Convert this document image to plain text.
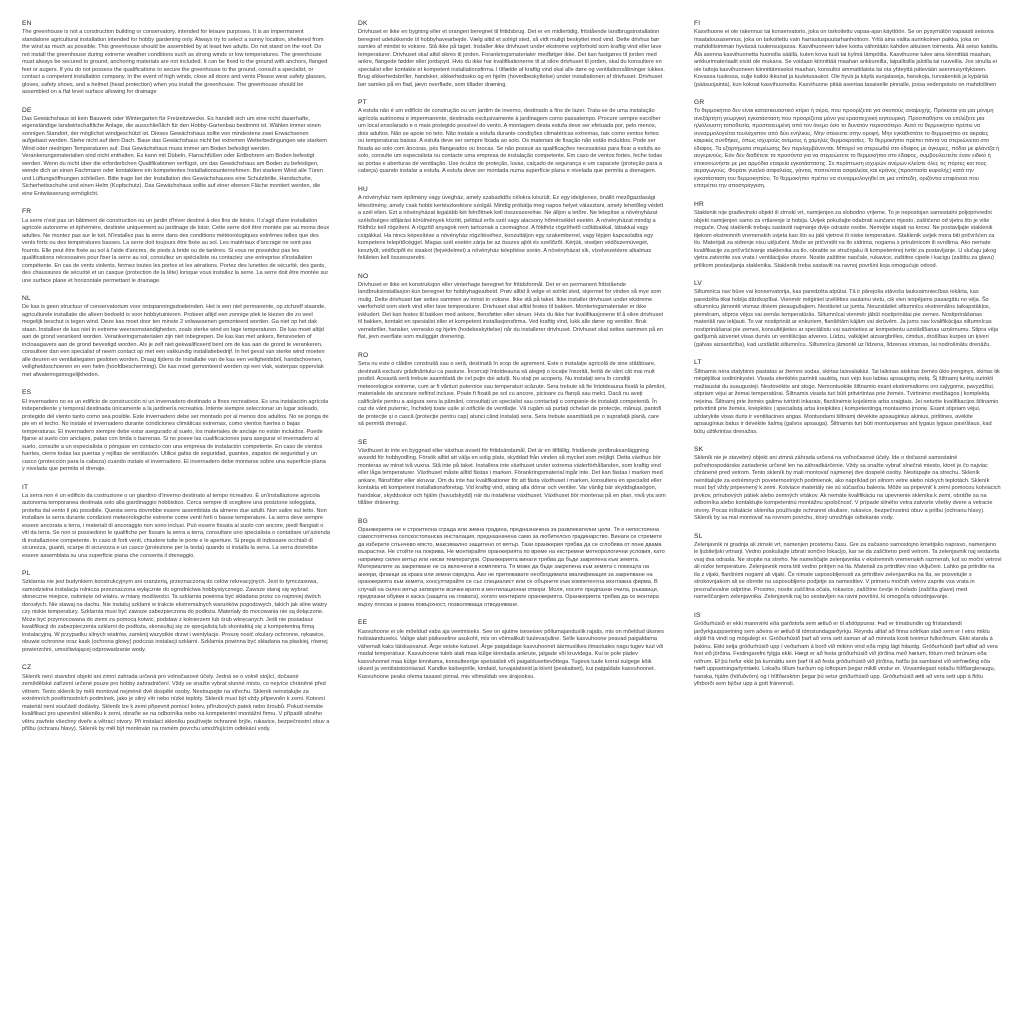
EN

The greenhouse is not a construction building or conservatory, intended for leisure purposes. It is an impermanent standalone agricultural installation intended for hobby gardening only. Always try to select a sunny location, sheltered from the wind as much as possible. This greenhouse should be assembled by at least two adults. Do not stand on the roof. Do not install the greenhouse during extreme weather conditions such as strong winds or low temperatures. The greenhouse must always be secured to ground, anchoring materials are not included. It can be fixed to the ground with anchors, flanged feet or augers. If you do not possess the qualifications to secure the greenhouse to the ground, consult a specialist, or contact a competent installation company. In the event of high winds, close all doors and vents Please wear safety glasses, gloves, safety shoes, and a helmet (head protection) when you install the greenhouse. The greenhouse should be assembled on a flat level surface allowing for drainage

DE

Das Gewächshaus ist kein Bauwerk oder Wintergarten für Freizeitzwecke. Es handelt sich um eine nicht dauerhafte, eigenständige landwirtschaftliche Anlage, die ausschließlich für den Hobby-Gartenbau bestimmt ist. Wählen immer einen sonnigen Standort, der möglichst windgeschützt ist. Dieses Gewächshaus sollte von mindestens zwei Erwachsenen aufgebaut werden. Stehe nicht auf dem Dach. Baue das Gewächshaus nicht bei extremen Wetterbedingungen wie starkem Wind oder niedrigen Temperaturen auf. Das Gewächshaus muss immer am Boden befestigt werden. Verankerungsmaterialien sind nicht enthalten. Es kann mit Dübeln, Flanschfüßen oder Erdbohrern am Boden befestigt werden. Wenn du nicht über die erforderlichen Qualifikationen verfügst, um das Gewächshaus am Boden zu befestigen, wende dich an einen Fachmann oder kontaktiere ein kompetentes Installationsunternehmen. Bei starkem Wind alle Türen und Lüftungsöffnungen schließen. Bitte trage bei der Installation des Gewächshauses eine Schutzbrille, Handschuhe, Sicherheitsschuhe und einen Helm (Kopfschutz). Das Gewächshaus sollte auf einer ebenen Fläche montiert werden, die eine Entwässerung ermöglicht.

FR

La serre n'est pas un bâtiment de construction ou un jardin d'hiver destiné à des fins de loisirs. Il s'agit d'une installation agricole autonome et éphémère, destinée uniquement au jardinage de loisir. Cette serre doit être montée par au moins deux adultes. Ne montez pas sur le toit. N'installez pas la serre dans des conditions météorologiques extrêmes telles que des vents forts ou des températures basses. La serre doit toujours être fixée au sol. Les matériaux d'ancrage ne sont pas fournis. Elle peut être fixée au sol à l'aide d'ancres, de pieds à bride ou de tarières. Si vous ne possédez pas les qualifications nécessaires pour fixer la serre au sol, consultez un spécialiste ou contactez une entreprise d'installation compétente. En cas de vents violents, fermez toutes les portes et les aérations. Portez des lunettes de sécurité, des gants, des chaussures de sécurité et un casque (protection de la tête) lorsque vous installez la serre. La serre doit être montée sur une surface plane et horizontale permettant le drainage.

NL

De kas is geen structuur of conservatorium voor ontspanningsdoeleinden. Het is een niet permanente, op zichzelf staande, agriculturele installatie die alleen bedoeld is voor hobbytuinieren. Probeer altijd een zonnige plek te kiezen die zo veel mogelijk beschut is tegen wind. Deze kas moet door ten minste 2 volwassenen gemonteerd worden. Ga niet op het dak staan. Installeer de kas niet in extreme weersomstandigheden, zoals sterke wind en lage temperaturen. De kas moet altijd aan de grond verankerd worden. Verankeringsmaterialen zijn niet inbegrepen. De kas kan met ankers, flensvoeten of incloaagavers aan de grond bevestigd worden. Als je zelf niet gekwalificeerd bent om de kas aan de grond te verankeren, consulteer dan een specialist of neem contact op met een vakkundig installatiebedrijf. In het geval van sterke wind moeten alle deuren en ventilatiegaten gesloten worden. Draag tijdens de installatie van de kas een veiligheidsbril, handschoenen, veiligheidsschoenen en een helm (hoofdbescherming). De kas moet gemonteerd worden op een vlak, waterpas oppervlak met afwateringsmogelijkheden.

ES

El invernadero no es un edificio de construcción ni un invernadero destinado a fines recreativos. Es una instalación agrícola independiente y temporal destinada únicamente a la jardinería recreativa. Intente siempre seleccionar un lugar soleado, protegido del viento tanto como sea posible. Este invernadero debe ser montado por al menos dos adultos. No se ponga de pie en el techo. No instale el invernadero durante condiciones climáticas extremas, como vientos fuertes o bajas temperaturas. El invernadero siempre debe estar asegurado al suelo, los materiales de anclaje no están incluidos. Puede fijarse al suelo con anclajes, patas con brida o barrenas. Si no posee las cualificaciones para asegurar el invernadero al suelo, consulte a un especialista o póngase en contacto con una empresa de instalación competente. En caso de vientos fuertes, cierre todas las puertas y rejillas de ventilación. Utilice gafas de seguridad, guantes, zapatos de seguridad y un casco (protección para la cabeza) cuando instale el invernadero. El invernadero debe montarse sobre una superficie plana y nivelada que permita el drenaje.

IT

La serra non è un edificio da costruzione o un giardino d'inverno destinato al tempo ricreativo. È un'installazione agricola autonoma temporanea destinata solo alla giardinaggio hobbistico. Cerca sempre di scegliere una posizione soleggiata, protetta dal vento il più possibile. Questa serra dovrebbe essere assemblata da almeno due adulti. Non salire sul tetto. Non installare la serra durante condizioni meteorologiche estreme come venti forti o basse temperature. La serra deve sempre essere ancorata a terra, i materiali di ancoraggio non sono inclusi. Può essere fissata al suolo con ancore, piedi flangiati o viti da terra. Se non si possiedono le qualifiche per fissare la serra a terra, consultare uno specialista o contattare un'azienda di installazione competente. In caso di forti venti, chiudere tutte le porte e le aperture. Si prega di indossare occhiali di sicurezza, guanti, scarpe di sicurezza e un casco (protezione per la testa) quando si installa la serra. La serra dovrebbe essere assemblata su una superficie piana che consenta il drenaggio.

PL

Szklarnia nie jest budynkiem konstrukcyjnym ani oranżerią, przeznaczoną do celów rekreacyjnych. Jest to tymczasowa, samodzielna instalacja rolnicza przeznaczona wyłącznie do ogrodnictwa hobbystycznego. Zawsze staraj się wybrać słoneczne miejsce, osłonięte od wiatru, w miarę możliwości. Ta szklarnia powinna być składana przez co najmniej dwóch dorosłych. Nie stawaj na dachu. Nie instaluj szklarni w trakcie ekstremalnych warunków pogodowych, takich jak silne wiatry czy niskie temperatury. Szklarnia musi być zawsze zabezpieczona do podłoża. Materiały do mocowania nie są dołączone. Może być przymocowana do ziemi za pomocą kotwic, podstaw z kołnierzem lub śrub wkręcanych. Jeśli nie posiadasz kwalifikacji do zabezpieczenia szklarni do podłoża, skonsultuj się ze specjalistą lub skontaktuj się z kompetentną firmą instalacyjną. W przypadku silnych wiatrów, zamknij wszystkie drzwi i wentylacje. Proszę nosić okulary ochronne, rękawice, obuwie ochronne oraz kask (ochrona głowy) podczas instalacji szklarni. Szklarnia powinna być składana na płaskiej, równej powierzchni, umożliwiającej odprowadzanie wody.

CZ

Skleník není stavební objekt ani zimní zahrada určená pro volnočasové účely. Jedná se o volně stojící, dočasné zemědělské zařízení určené pouze pro hobby zahradničení. Vždy se snažte vybrat slunné místo, co nejvíce chráněné před větrem. Tento skleník by měli montovat nejméně dvě dospělé osoby. Nestoupejte na střechu. Skleník neinstalujte za extrémních povětrnostních podmínek, jako je silný vítr nebo nízké teploty. Skleník musí být vždy připevněn k zemi. Kotevní materiál není součástí dodávky. Skleník lze k zemi připevnit pomocí kotev, přírubových patek nebo šroubů. Pokud nemáte kvalifikaci pro upevnění skleníku k zemi, obraťte se na odborníka nebo na kompetentní montážní firmu. V případě silného větru zavřete všechny dveře a větrací otvory. Při instalaci skleníku používejte ochranné brýle, rukavice, bezpečnostní obuv a přilbu (ochranu hlavy). Skleník by měl být montován na rovném povrchu umožňujícím odtékání vody.

DK

Drivhuset er ikke en bygning eller et orangeri beregnet til fritidsbrug. Det er en midlertidig, fritstående landbrugsinstallation beregnet udelukkende til hobbyhavearbejde. Vælg altid et solrigt sted, så vidt muligt beskyttet mod vind. Dette drivhus bør samles af mindst to voksne. Stå ikke på taget. Installer ikke drivhuset under ekstreme vejrforhold som kraftig vind eller lave temperaturer. Drivhuset skal altid sikres til jorden. Forankringsmaterialer medfølger ikke. Det kan fastgøres til jorden med ankre, flangede fødder eller jordspyd. Hvis du ikke har kvalifikationerne til at sikre drivhuset til jorden, skal du konsultere en specialist eller kontakte et kompetent installationsfirma. I tilfælde af kraftig vind skal alle døre og ventilationsåbninger lukkes. Brug sikkerhedsbriller, handsker, sikkerhedssko og en hjelm (hovedbeskyttelse) under installationen af drivhuset. Drivhuset bør samles på en flad, jævn overflade, som tillader dræning.

PT

A estufa não é um edifício de construção ou um jardim de inverno, destinado a fins de lazer. Trata-se de uma instalação agrícola autónoma e impermanente, destinada exclusivamente à jardinagem como passatempo. Procure sempre escolher um local ensolarado e o mais protegido possível do vento. A montagem desta estufa deve ser efetuada por, pelo menos, dois adultos. Não se apoie no teto. Não instale a estufa durante condições climatéricas extremas, tais como ventos fortes ou temperaturas baixas. A estufa deve ser sempre fixada ao solo. Os materiais de fixação não estão incluídos. Pode ser fixada ao solo com âncoras, pés flangeados ou brocas. Se não possuir as qualificações necessárias para fixar a estufa ao solo, consulte um especialista ou contacte uma empresa de instalação competente. Em caso de ventos fortes, feche todas as portas e aberturas de ventilação. Use óculos de proteção, luvas, calçado de segurança e um capacete (proteção para a cabeça) quando instalar a estufa. A estufa deve ser montada numa superfície plana e nivelada que permita a drenagem.

HU

A növényház nem építmény vagy üvegház, amely szabadidős célokra készült. Ez egy ideiglenes, önálló mezőgazdasági létesítmény, amely csak hobbi kertészkedésre szolgál. Mindig próbálja meg napos helyet választani, amely lehetőleg védett a szél ellen. Ezt a növényházat legalább két felnőttnek kell összeszerelnie. Ne álljon a tetőre. Ne telepítse a növényházat szélsőséges időjárási körülmények között, például erős szél vagy alacsony hőmérséklet esetén. A növényházat mindig a földhöz kell rögzíteni. A rögzítő anyagok nem tartoznak a csomaghoz. A földhöz rögzíthető csőlábakkal, lábakkal vagy csigákkal. Ha nincs képesítése a növényház rögzítéséhez, konzultáljon egy szakemberrel, vagy lépjen kapcsolatba egy kompetens telepítőcéggel. Magas szél esetén zárja be az összes ajtót és szellőzőt. Kérjük, viseljen védőszemüveget, kesztyűt, védőcipőt és sisakot (fejvédelmet) a növényház telepítése során. A növényházat sík, vízelvezetésre alkalmas felületen kell összeszerelni.

NO

Drivhuset er ikke en konstruksjon eller vinterhage beregnet for fritidsformål. Det er en permanent frittstående landbruksinstallasjon kun beregnet for hobbyhagearbeid. Prøv alltid å velge et solrikt sted, skjermet for vinden så mye som mulig. Dette drivhuset bør settes sammen av minst to voksne. Ikke stå på taket. Ikke installer drivhuset under ekstreme værforhold som sterk vind eller lave temperaturer. Drivhuset skal alltid festes til bakken. Monteringsmaterialer er ikke inkludert. Det kan festes til bakken med ankere, flensføtter eller skruer. Hvis du ikke har kvalifikasjonene til å sikre drivhuset til bakken, kontakt en spesialist eller et kompetent installasjonsfirma. Ved kraftig vind, lukk alle dører og ventiler. Bruk vernebriller, hansker, vernesko og hjelm (hodebeskyttelse) når du installerer drivhuset. Drivhuset skal settes sammen på en flat, jevn overflate som muliggjør drenering.

RO

Sera nu este o clădire construită sau o seră, destinată în scop de agrement. Este o instalație agricolă de sine stătătoare, destinată exclusiv grădinăritului ca pasiune. Încercați întotdeauna să alegeți o locație însorită, ferită de vânt cât mai mult posibil. Această seră trebuie asamblată de cel puțin doi adulți. Nu stați pe acoperiș. Nu instalați sera în condiții meteorologice extreme, cum ar fi vânturi puternice sau temperaturi scăzute. Sera trebuie să fie întotdeauna fixată la pământ, materialele de ancorare nefiind incluse. Poate fi fixată pe sol cu ancore, picioare cu flanșă sau melci. Dacă nu aveți calificările pentru a asigura sera la pământ, consultați un specialist sau contactați o companie de instalații competentă. În caz de vânt puternic, închideți toate ușile și orificiile de ventilație. Vă rugăm să purtați ochelari de protecție, mănuși, pantofi de protecție și o cască (protecție pentru cap) atunci când instalați sera. Sera trebuie asamblată pe o suprafață plană, care să permită drenajul.

SE

Växthuset är inte en byggnad eller växthus avsett för fritidsändamål. Det är en tillfällig, fristående jordbruksanläggning avsedd för hobbyodling. Försök alltid att välja en solig plats, skyddad från vinden så mycket som möjligt. Detta växthus bör monteras av minst två vuxna. Stå inte på taket. Installera inte växthuset under extrema väderförhållanden, som kraftig vind eller låga temperaturer. Växthuset måste alltid fästas i marken. Förankringsmaterial ingår inte. Det kan fästas i marken med ankare, flänsfötter eller skruvar. Om du inte har kvalifikationer för att fästa växthuset i marken, konsultera en specialist eller kontakta ett kompetent installationsföretag. Vid kraftig vind, stäng alla dörrar och ventiler. Var vänlig bär skyddsglasögon, handskar, skyddsskor och hjälm (huvudskydd) när du installerar växthuset. Växthuset bör monteras på en plan, nivå yta som tillåter dränering.

BG

Оранжерията не е строителна сграда или зимна градина, предназначена за развлекателни цели. Тя е непостоянна самостоятелна селскостопанска инсталация, предназначена само за любителско градинарство. Винаги се стремете да изберете слънчево място, максимално защитено от вятър. Тази оранжерия трябва да се сглобява от поне двама възрастни. Не стойте на покрива. Не монтирайте оранжерията по време на екстремни метеорологични условия, като например силен вятър или ниски температури. Оранжерията винаги трябва да бъде закрепена към земята. Материалите за закрепване не са включени в комплекта. Тя може да бъде закрепена към земята с помощта на анкери, фланци за крака или земни свредла. Ако не притежавате необходимата квалификация за закрепване на оранжерията към земята, консултирайте се със специалист или се обърнете към компетентна монтажна фирма. В случай на силен вятър затворете всички врати и вентилационни отвори. Моля, носете предпазни очила, ръкавици, предпазни обувки и каска (защита на главата), когато монтирате оранжерията. Оранжерията трябва да се монтира върху плоска и равна повърхност, позволяваща отводняване.

EE

Kasvuhoone ei ole mõeldud vaba aja veetmiseks. See on ajutine iseseisev põllumajanduslik rajatis, mis on mõeldud üksnes hobiaianduseks. Valige alati päikeseline asukoht, mis on võimalikult tuulevarjuline. Selle kasvuhoone peavad paigaldama vähemalt kaks täiskasvanut. Ärge seiske katusel. Ärge paigaldage kasvuhoonet äärmuslikes ilmaoludes nagu tugev tuul või madal temperatuur. Kasvuhoone tuleb alati maa külge kinnitada ankrute, jalgade või kruvidega. Kui te pole pädev kasvuhoonet maa külge kinnitama, konsulteerige spetsialisti või paigaldusettevõttega. Tugeva tuule korral sulgege kõik uksed ja ventilatsiooniavad. Kandke kaitseprille, kindaid, turvajalatseid ja kiivrit (peakaitset), kui paigaldate kasvuhoonet. Kasvuhoone peaks olema tasasel pinnal, mis võimaldab vee ärajooksu.

FI

Kasvihuone ei ole rakennus tai konservatorio, joka on tarkoitettu vapaa-ajan käyttöön. Se on pysymätön vapaasti seisova maatalousasennus, joka on tarkoitettu vain harrastuspuutarhanhoitoon. Yritä aina valita aurinkoinen paikka, joka on mahdollisimman hyvässä tuulensuojassa. Kasvihuoneen tulee koota vähintään kahden aikuisen toimesta. Älä seiso katolla. Älä asenna kasvihuonetta huonolla säällä, kuten kova tuuli tai kylmä lämpötila. Kasvihuone tulee aina kiinnittää maahan, ankkurimateriaalit eivät ole mukana. Se voidaan kiinnittää maahan ankkureilla, laipallisilla jaloilla tai ruuveilla. Jos sinulla ei ole taitoja kasvihuoneen kiinnittämiseksi maahan, konsultoi ammattilaista tai ota yhteyttä pätevään asennusyritykseen. Kovassa tuulessa, sulje kaikki ikkunat ja tuuletusaukot. Ole hyvä ja käytä suojalaseja, hanskoja, turvakenkiä ja kypärää (pääsuojainta), kun kokoat kasvihuonetta. Kasvihuone pitää asentaa tasaiselle pinnalle, jossa vedenpoisto on mahdollinen

GR

Το θερμοκήπιο δεν είναι κατασκευαστικό κτίριο ή σέρα, που προορίζεται για σκοπούς αναψυχής. Πρόκειται για μια μόνιμη ανεξάρτητη γεωργική εγκατάσταση που προορίζεται μόνο για ερασιτεχνική κηπουρική. Προσπαθήστε να επιλέξετε μια ηλιόλουστη τοποθεσία, προστατευμένη από τον άνεμο όσο το δυνατόν περισσότερο. Αυτό το θερμοκήπιο πρέπει να συναρμολογείται τουλάχιστον από δύο ενήλικες. Μην στέκεστε στην οροφή. Μην εγκαθιστάτε το θερμοκήπιο σε ακραίες καιρικές συνθήκες, όπως ισχυρούς ανέμους ή χαμηλές θερμοκρασίες. Το θερμοκήπιο πρέπει πάντα να στερεώνεται στο έδαφος. Τα εξαρτήματα στερέωσης δεν περιλαμβάνονται. Μπορεί να στερεωθεί στο έδαφος με άγκυρες, πόδια με φλάντζα ή αυγερινούς. Εάν δεν διαθέτετε τα προσόντα για να στερεώσετε το θερμοκήπιο στο έδαφος, συμβουλευτείτε έναν ειδικό ή επικοινωνήστε με μια αρμόδια εταιρεία εγκατάστασης. Σε περίπτωση ισχυρών ανέμων κλείστε όλες τις πόρτες και τους αεραγωγούς. Φοράτε γυαλιά ασφαλείας, γάντια, παπούτσια ασφαλείας και κράνος (προστασία κεφαλής) κατά την εγκατάσταση του θερμοκηπίου. Το θερμοκήπιο πρέπει να συναρμολογηθεί σε μια επίπεδη, οριζόντια επιφάνεια που επιτρέπει την αποστράγγιση.

HR

Staklenik nije građevinski objekt ili zimski vrt, namijenjen za slobodno vrijeme. To je nepostojan samostalni poljoprivredni objekt namijenjen samo za vrtlarenje iz hobija. Uvijek pokušajte odabrati sunčano mjesto, zaštićeno od vjetra što je više moguće. Ovaj staklenik trebaju sastaviti najmanje dvije odrasle osobe. Nemojte stajati na krovu. Ne postavljajte staklenik tijekom ekstremnih vremenskih uvjeta kao što su jaki vjetrovi ili niske temperature. Staklenik uvijek mora biti pričvršćen za tlo. Materijali za sidrenje nisu uključeni. Može se pričvrstiti na tlo sidrima, nogama s prirubnicom ili svrdlima. Ako nemate kvalifikacije za pričvršćivanje staklenika za tlo, obratite se stručnjaku ili kompetentnoj tvrtki za postavljanje. U slučaju jakog vjetra zatvorite sva vrata i ventilacijske otvore. Nosite zaštitne naočale, rukavice, zaštitne cipele i kacigu (zaštitu za glavu) prilikom postavljanja staklenika. Staklenik treba sastaviti na ravnoj površini koja omogućuje odvod.

LV

Siltumnīca nav būve vai konservatorija, kas paredzēta atpūtai. Tā ir pārejoša stāvoša lauksaimniecības iekārta, kas paredzēta tikai hobija dārzkopībai. Vienmēr mēģiniet izvēlēties saulainu vietu, cik vien iespējams pasargātu no vēja. Šo siltumnīcu jāmontē vismaz diviem pieaugušajiem. Nestāviet uz jumta. Neuzstādiet siltumnīcu ekstremālos laikapstākļos, piemēram, stipros vējos vai zemās temperatūrās. Siltumnīcai vienmēr jābūt nostiprinātai pie zemes. Nostiprināšanas materiāli nav iekļauti. To var nostiprināt ar enkuriem, flanšētām kājām vai skrūvēm. Ja jums nav kvalifikācijas siltumnīcas nostiprināšanai pie zemes, konsultējieties ar speciālistu vai sazinieties ar kompetentu uzstādīšanas uzņēmumu. Stipra vēja gadījumā aizveriet visas durvis un ventilācijas atveres. Lūdzu, valkājiet aizsargbrilles, cimdus, drošības kurpes un ķiveri (galvas aizsardzība), kad uzstādāt siltumnīcu. Siltumnīca jāmontē uz līdzena, līdzenas virsmas, lai nodrošinātu drenāžu.

LT

Šiltnamis nėra statybinis pastatas ar žiemos sodas, skirtas laisvalaikiui. Tai laikinas atskiras žemės ūkio įrenginys, skirtas tik mėgėjiškai sodininkystei. Visada stenkitės parinkti saulėtą, nuo vėjo kuo labiau apsaugotą vietą. Šį šiltnamį turėtų surinkti mažiausiai du suaugusieji. Nestovėkite ant stogo. Nemontuokite šiltnamio esant ekstremalioms oro sąlygoms, pavyzdžiui, stipriam vėjui ar žemai temperatūrai. Šiltnamis visada turi būti pritvirtintas prie žemės. Tvirtinimo medžiagos į komplektą neįeina. Šiltnamį prie žemės galima tvirtinti inkarais, flanšinėmis kojelėmis arba sraigtais. Jei neturite kvalifikacijos šiltnamio pritvirtinti prie žemės, kreipkitės į specialistą arba kreipkitės į kompetentingą montavimo įmonę. Esant stipriam vėjui, uždarykite visas duris ir ventiliacines angas. Montuodami šiltnamį dėvėkite apsauginius akinius, pirštines, avėkite apsauginius batus ir dėvėkite šalmą (galvos apsauga). Šiltnamis turi būti montuojamas ant lygaus lygaus paviršiaus, kad būtų užtikrintas drenažas.

SK

Skleník nie je stavebný objekt ani zimná záhrada určená na voľnočasové účely. Ide o dočasné samostatné poľnohospodárske zariadenie určené len na záhradkárčenie. Vždy sa snažte vybrať slnečné miesto, ktoré je čo najviac chránené pred vetrom. Tento skleník by mali montovať najmenej dve dospelé osoby. Nestúpajte na strechu. Skleník neinštalujte za extrémnych poveternostných podmienok, ako napríklad pri silnom vetre alebo nízkych teplotách. Skleník musí byť vždy pripevnený k zemi. Kotviace materiály nie sú súčasťou balenia. Môže sa pripevniť k zemi pomocou kotviacich prvkov, prírubových pätiek alebo zemných vrtákov. Ak nemáte kvalifikáciu na upevnenie skleníka k zemi, obráťte sa na odborníka alebo kontaktujte kompetentnú montážnu spoločnosť. V prípade silného vetra zatvorte všetky dvere a vetracie otvory. Pocas inštalácie skleníka používajte ochranné okuliare, rukavice, bezpečnostnú obuv a prilbu (ochranu hlavy). Skleník by sa mal montovať na rovnom povrchu, ktorý umožňuje odtekanie vody.

SL

Zelenjavnik ni gradnja ali zimski vrt, namenjen prostemu času. Gre za začasno samostojno kmetijsko napravo, namenjeno le ljubiteljski vrtnarji. Vedno poskušajte izbrati sončno lokacijo, kar se da zaščiteno pred vetrom. Ta zelenjavnik naj sestavita vsaj dva odrasla. Ne stopite na streho. Ne nameščajte zelenjavnika v ekstremnih vremenskih razmerah, kot so močni vetrovi ali nizke temperature. Zelenjavnik mora biti vedno pritrjen na tla. Materiali za pritrditev niso vključeni. Lahko ga pritrdite na tla z vijaki, flanšnimi nogami ali vijaki. Če nimate usposobljenosti za pritrditev zelenjavnika na tla, se posvetujte s strokovnjakom ali se obrnite na usposobljeno podjetje za namestitev. V primeru močnih vetrov zaprite vsa vrata in prezračevalne odprtine. Prosimo, nosite zaščitna očala, rokavice, zaščitne čevlje in čelado (zaščita glave) med nameščanjem zelenjavnika. Zelenjavnik naj bo sestavljen na ravni površini, ki omogoča odvodnjavanje.

IS

Gróðurhúsið er ekki mannvirki eða garðstofa sem ætluð er til afslöppunar. Það er tímabundin og frístandandi jarðyrkjuuppsetning sem aðeins er ætluð til tómstundagarðyrkju. Reyndu alltaf að finna sólríkan stað sem er í eins miklu skjóli frá vindi og mögulegt er. Gróðurhúsið þarf að vera sett saman af að minnsta kosti tveimur fullorðnum. Ekki standa á þakinu. Ekki setja gróðurhúsið upp í veðurham á borð við mikinn vind eða mjög lágt hitastig. Gróðurhúsið þarf alltaf að vera fest við jörðina. Festingarefni fylgja ekki. Hægt er að festa gróðurhúsið við jörðina með hæium, fótum með brúnum eða nöfrum. Ef þú hefur ekki þá kunnáttu sem þarf til að festa gróðurhúsið við jörðina, hafðu þá samband við sérfræðing eða hæft uppsetningarfyrirtæki. Lokaðu öllum hurðum og loftopum þegar mikill vindur er. Vinsamlegast notaðu hlífðargleraugu, hanska, hjálm (höfuðvörn) og í hlífðarskóm þegar þú setur gróðurhúsið upp. Gróðurhúsið ætti að vera sett upp á flötu yfirborði sem býður upp á gott frárennsli.
